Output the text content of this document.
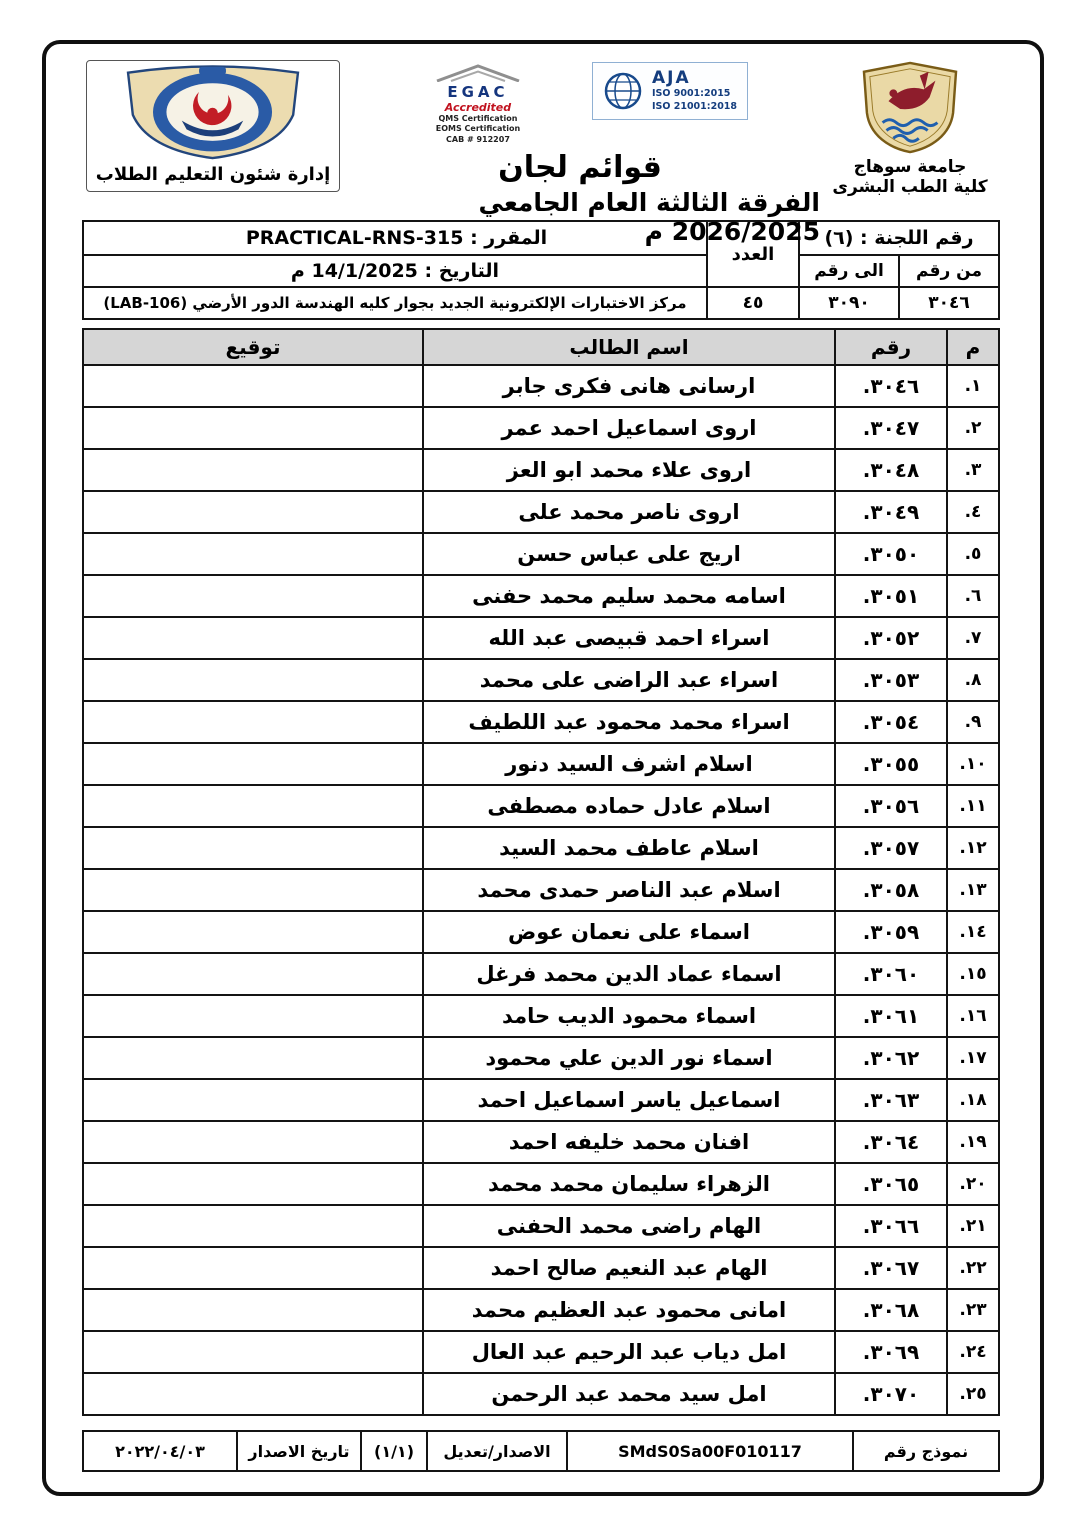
جامعة سوهاج
كلية الطب البشرى
EGAC
Accredited
QMS Certification
EOMS Certification
CAB # 912207
AJA
ISO 9001:2015
ISO 21001:2018
قوائم لجان
الفرقة الثالثة العام الجامعي 2026/2025 م
إدارة شئون التعليم الطلاب
رقم اللجنة : (٦)		العدد	المقرر : PRACTICAL-RNS-315
من رقم	الى رقم		التاريخ : 14/1/2025 م
٣٠٤٦	٣٠٩٠	٤٥	مركز الاختبارات الإلكترونية الجديد بجوار كليه الهندسة الدور الأرضي (LAB-106)
م	رقم	اسم الطالب	توقيع
١.	٣٠٤٦.	ارسانى هانى فكرى جابر	
٢.	٣٠٤٧.	اروى اسماعيل احمد عمر	
٣.	٣٠٤٨.	اروى علاء محمد ابو العز	
٤.	٣٠٤٩.	اروى ناصر محمد على	
٥.	٣٠٥٠.	اريج على عباس حسن	
٦.	٣٠٥١.	اسامه محمد سليم محمد حفنى	
٧.	٣٠٥٢.	اسراء احمد قبيصى عبد الله	
٨.	٣٠٥٣.	اسراء عبد الراضى على محمد	
٩.	٣٠٥٤.	اسراء محمد محمود عبد اللطيف	
١٠.	٣٠٥٥.	اسلام اشرف السيد دنور	
١١.	٣٠٥٦.	اسلام عادل حماده مصطفى	
١٢.	٣٠٥٧.	اسلام عاطف محمد السيد	
١٣.	٣٠٥٨.	اسلام عبد الناصر حمدى محمد	
١٤.	٣٠٥٩.	اسماء على نعمان عوض	
١٥.	٣٠٦٠.	اسماء عماد الدين محمد فرغل	
١٦.	٣٠٦١.	اسماء محمود الديب حامد	
١٧.	٣٠٦٢.	اسماء نور الدين علي محمود	
١٨.	٣٠٦٣.	اسماعيل ياسر اسماعيل احمد	
١٩.	٣٠٦٤.	افنان محمد خليفه احمد	
٢٠.	٣٠٦٥.	الزهراء سليمان محمد محمد	
٢١.	٣٠٦٦.	الهام راضى محمد الحفنى	
٢٢.	٣٠٦٧.	الهام عبد النعيم صالح احمد	
٢٣.	٣٠٦٨.	امانى محمود عبد العظيم محمد	
٢٤.	٣٠٦٩.	امل دياب عبد الرحيم عبد العال	
٢٥.	٣٠٧٠.	امل سيد محمد عبد الرحمن	
نموذج رقم	SMdS0Sa00F010117	الاصدار/تعديل	(١/١)	تاريخ الاصدار	٢٠٢٢/٠٤/٠٣
